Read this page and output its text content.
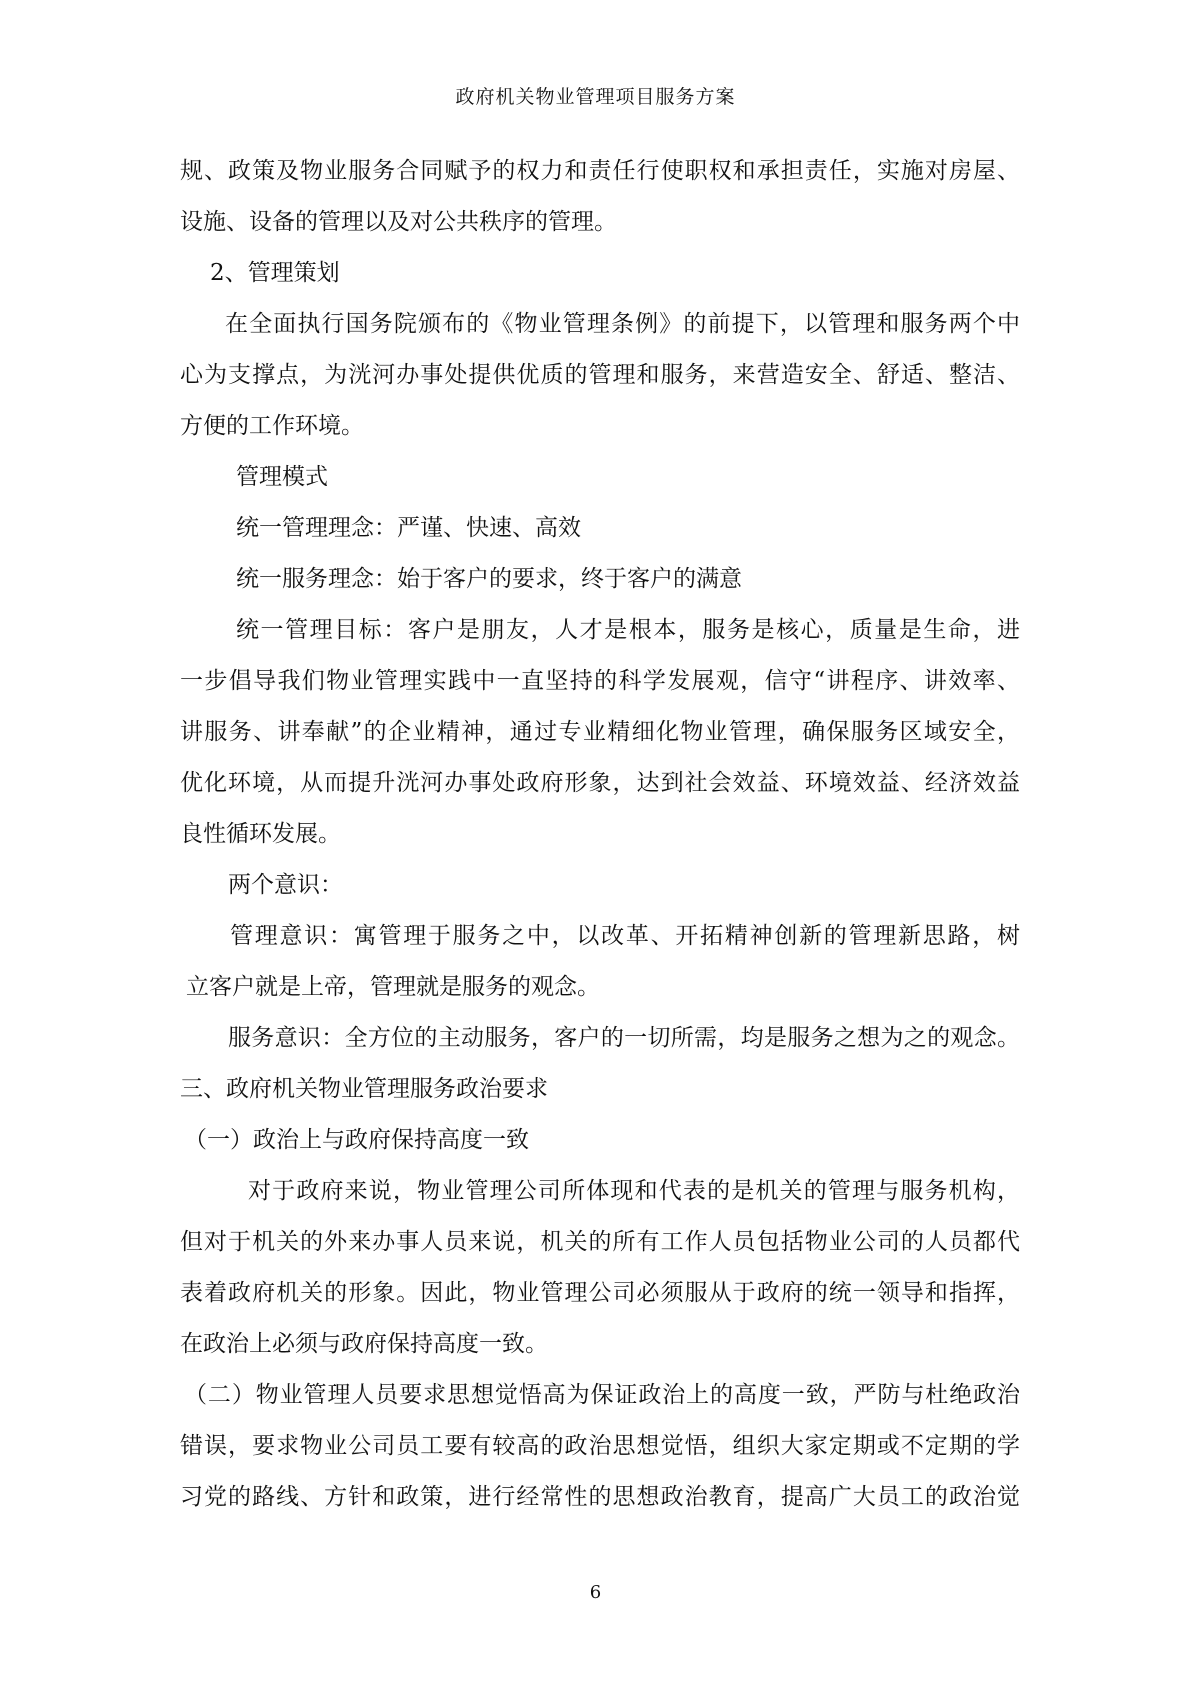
政府机关物业管理项目服务方案
规、政策及物业服务合同赋予的权力和责任行使职权和承担责任，实施对房屋、
设施、设备的管理以及对公共秩序的管理。
2、管理策划
在全面执行国务院颁布的《物业管理条例》的前提下，以管理和服务两个中
心为支撑点，为洸河办事处提供优质的管理和服务，来营造安全、舒适、整洁、
方便的工作环境。
管理模式
统一管理理念：严谨、快速、高效
统一服务理念：始于客户的要求，终于客户的满意
统一管理目标：客户是朋友，人才是根本，服务是核心，质量是生命，进
一步倡导我们物业管理实践中一直坚持的科学发展观，信守“讲程序、讲效率、
讲服务、讲奉献”的企业精神，通过专业精细化物业管理，确保服务区域安全，
优化环境，从而提升洸河办事处政府形象，达到社会效益、环境效益、经济效益
良性循环发展。
两个意识：
管理意识：寓管理于服务之中，以改革、开拓精神创新的管理新思路，树
立客户就是上帝，管理就是服务的观念。
服务意识：全方位的主动服务，客户的一切所需，均是服务之想为之的观念。
三、政府机关物业管理服务政治要求
（一）政治上与政府保持高度一致
对于政府来说，物业管理公司所体现和代表的是机关的管理与服务机构，
但对于机关的外来办事人员来说，机关的所有工作人员包括物业公司的人员都代
表着政府机关的形象。因此，物业管理公司必须服从于政府的统一领导和指挥，
在政治上必须与政府保持高度一致。
（二）物业管理人员要求思想觉悟高为保证政治上的高度一致，严防与杜绝政治
错误，要求物业公司员工要有较高的政治思想觉悟，组织大家定期或不定期的学
习党的路线、方针和政策，进行经常性的思想政治教育，提高广大员工的政治觉
6
